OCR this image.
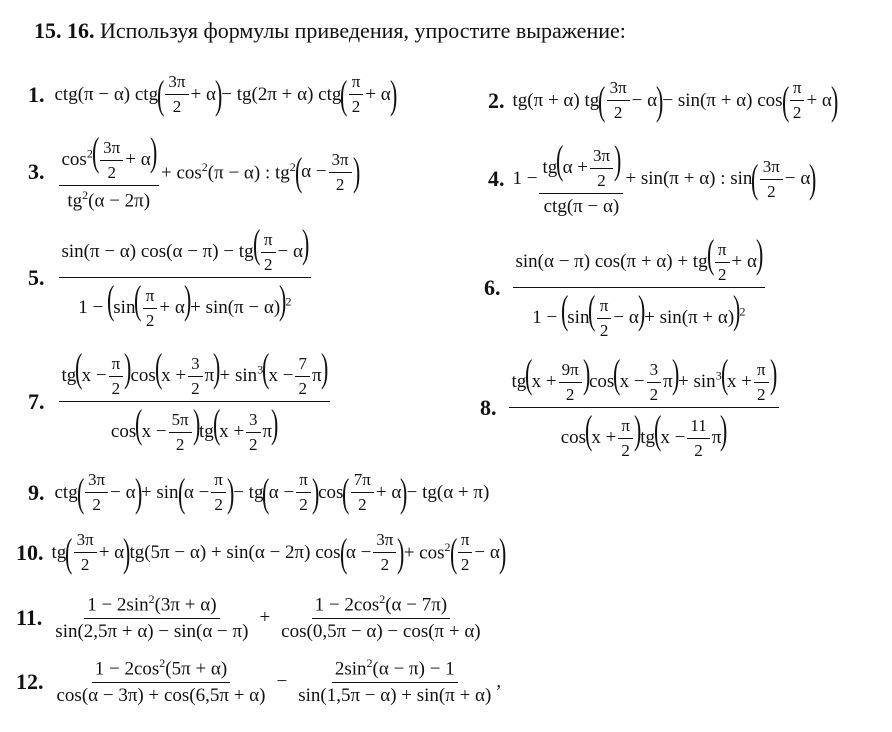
15. 16. Используя формулы приведения, упростите выражение:
1. ctg(π − α) ctg
( $\frac{3\pi}{2} + \alpha$
)
− tg(2π + α) ctg
( $\frac{\pi}{2} + \alpha$
)	2. tg(π + α) tg
( $\frac{3\pi}{2} - \alpha$
)
− sin(π + α) cos
( $\frac{\pi}{2} + \alpha$
)
3. $\frac{\cos^2( \frac{3\pi}{2} + \alpha)}{tg^2(\alpha - 2\pi)} + \cos^2(\pi - \alpha)$ : $tg^2$
(
$\alpha - \frac{3\pi}{2}$ )	4. $1 - \frac{tg(\alpha + \frac{3\pi}{2} )}{\text{ctg(π − α)}} + \sin(\pi + \alpha)$ : sin
( $\frac{3\pi}{2} - \alpha$
)
5. $\frac{\sin(\pi - \alpha) \cos(\alpha - \pi) - tg( \frac{\pi}{2} - \alpha)}{1 - (\sin( \frac{\pi}{2} + \alpha)+ \sin(\pi - \alpha))^2}$	6. $\frac{\sin(\alpha - \pi) \cos(\pi + \alpha) + tg( \frac{\pi}{2} + \alpha)}{1 - (\sin( \frac{\pi}{2} - \alpha)+ \sin(\pi + \alpha))^2}$
7. $\frac{tg(x - \frac{\pi}{2} )\cos(x + \frac{3}{2} \pi)+ \sin^3(x - \frac{7}{2} \pi)}{\cos(x - \frac{5\pi}{2} )tg(x + \frac{3}{2} \pi)}$	8. $\frac{tg(x + \frac{9\pi}{2} )\cos(x - \frac{3}{2} \pi)+ \sin^3(x + \frac{\pi}{2} )}{\cos(x + \frac{\pi}{2} )tg(x - \frac{11}{2} \pi)}$
9. ctg
( $\frac{3\pi}{2} - \alpha$
)
+ sin
(
$\alpha - \frac{\pi}{2}$ )
− tg
(
$\alpha - \frac{\pi}{2}$ )
cos
( $\frac{7\pi}{2} + \alpha$
)
− tg(α + π)
10. tg
( $\frac{3\pi}{2} + \alpha$
)
tg(5π − α) + sin(α − 2π) cos
(
$\alpha - \frac{3\pi}{2}$ )
+ $\cos^2$
( $\frac{\pi}{2} - \alpha$
)
11. $\frac{1 - 2\sin^2(3\pi + \alpha)}{\sin(2,5\pi + \alpha) - \sin(\alpha - \pi)} + \frac{1 - 2\cos^2(\alpha - 7\pi)}{\cos(0,5\pi - \alpha) - \cos(\pi + \alpha)}$
12. $\frac{1 - 2\cos^2(5\pi + \alpha)}{\cos(\alpha - 3\pi) + \cos(6,5\pi + \alpha)} - \frac{2\sin^2(\alpha - \pi) - 1}{\sin(1,5\pi - \alpha) + \sin(\pi + \alpha)}$ ,
